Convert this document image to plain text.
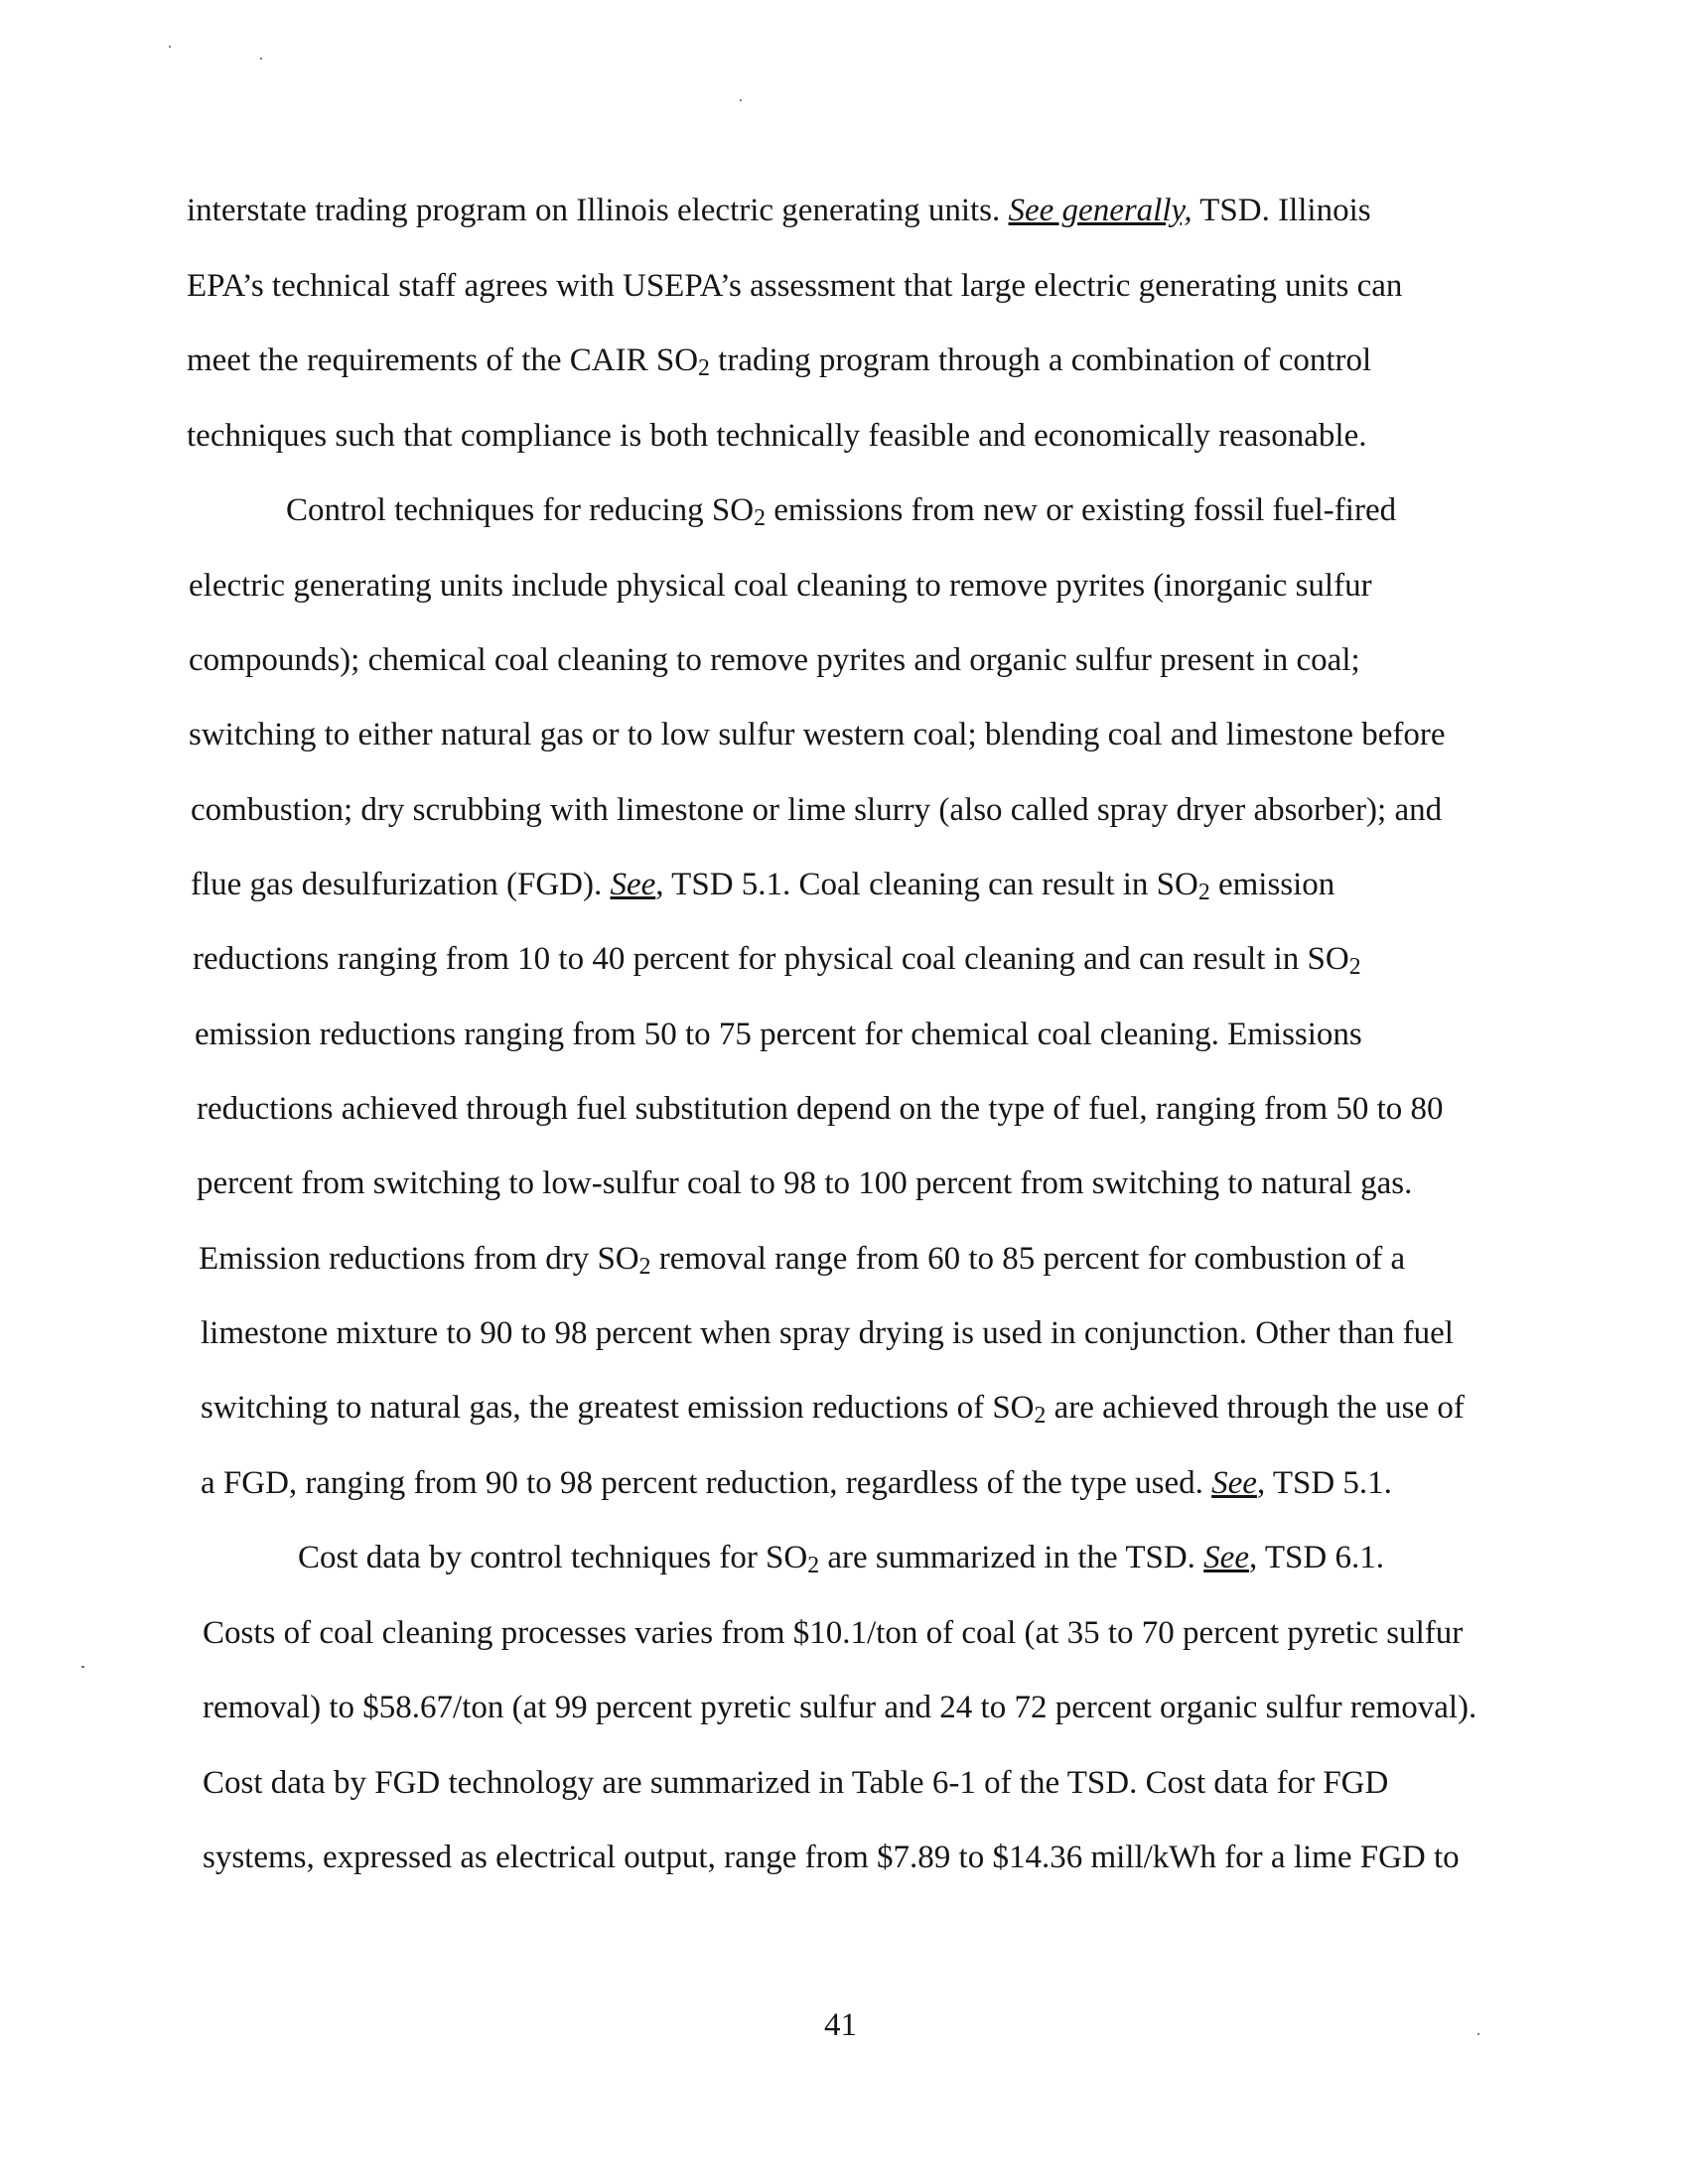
interstate trading program on Illinois electric generating units. See generally, TSD. Illinois
EPA’s technical staff agrees with USEPA’s assessment that large electric generating units can
meet the requirements of the CAIR $SO_2$ trading program through a combination of control
techniques such that compliance is both technically feasible and economically reasonable.
Control techniques for reducing $SO_2$ emissions from new or existing fossil fuel-fired
electric generating units include physical coal cleaning to remove pyrites (inorganic sulfur
compounds); chemical coal cleaning to remove pyrites and organic sulfur present in coal;
switching to either natural gas or to low sulfur western coal; blending coal and limestone before
combustion; dry scrubbing with limestone or lime slurry (also called spray dryer absorber); and
flue gas desulfurization (FGD). See, TSD 5.1. Coal cleaning can result in $SO_2$ emission
reductions ranging from 10 to 40 percent for physical coal cleaning and can result in $SO_2$
emission reductions ranging from 50 to 75 percent for chemical coal cleaning. Emissions
reductions achieved through fuel substitution depend on the type of fuel, ranging from 50 to 80
percent from switching to low-sulfur coal to 98 to 100 percent from switching to natural gas.
Emission reductions from dry $SO_2$ removal range from 60 to 85 percent for combustion of a
limestone mixture to 90 to 98 percent when spray drying is used in conjunction. Other than fuel
switching to natural gas, the greatest emission reductions of $SO_2$ are achieved through the use of
a FGD, ranging from 90 to 98 percent reduction, regardless of the type used. See, TSD 5.1.
Cost data by control techniques for $SO_2$ are summarized in the TSD. See, TSD 6.1.
Costs of coal cleaning processes varies from $10.1/ton of coal (at 35 to 70 percent pyretic sulfur
removal) to $58.67/ton (at 99 percent pyretic sulfur and 24 to 72 percent organic sulfur removal).
Cost data by FGD technology are summarized in Table 6-1 of the TSD. Cost data for FGD
systems, expressed as electrical output, range from $7.89 to $14.36 mill/kWh for a lime FGD to
41
